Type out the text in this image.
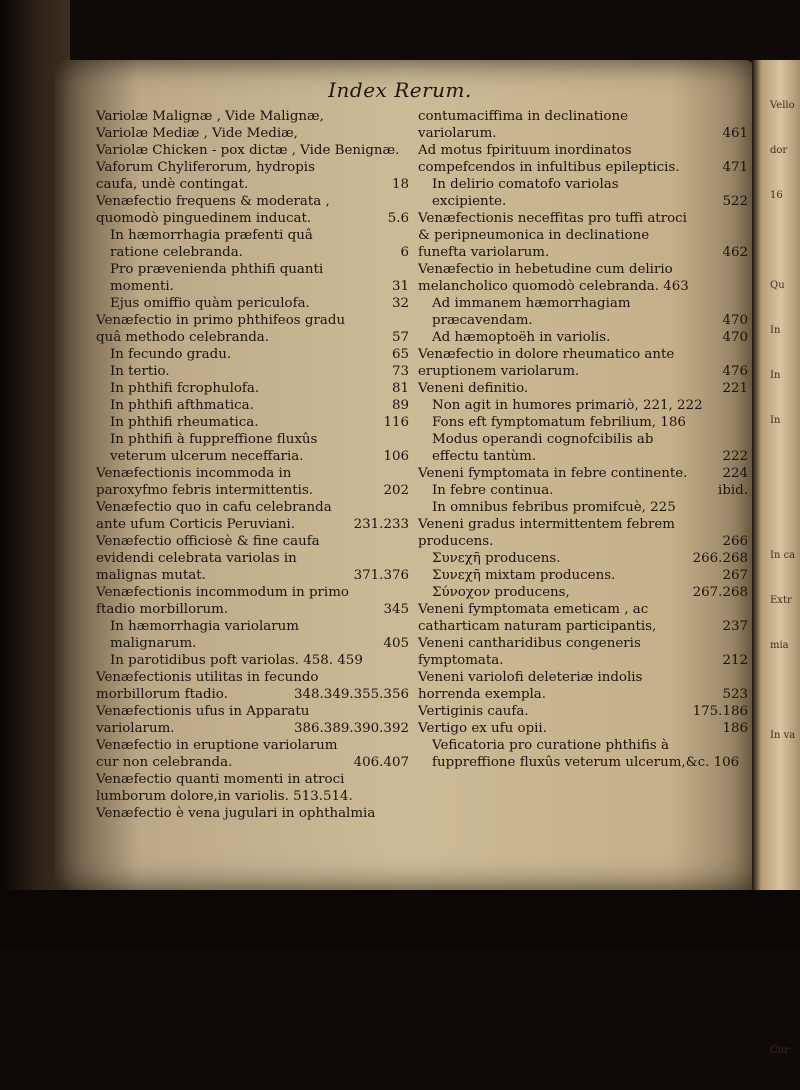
Vello
dor
16
Qu
In
In
In
In ca
Extr
mia
In va
Cur
Index Rerum.
Variolæ Malignæ , Vide Malignæ,
Variolæ Mediæ , Vide Mediæ,
Variolæ Chicken - pox dictæ , Vide Benignæ.
Vaforum Chyliferorum, hydropis caufa, undè contingat.	18
Venæfectio frequens & moderata , quomodò pinguedinem inducat.	5.6
In hæmorrhagia præfenti quâ ratione celebranda.	6
Pro prævenienda phthifi quanti momenti.	31
Ejus omiffio quàm periculofa.	32
Venæfectio in primo phthifeos gradu quâ methodo celebranda.	57
In fecundo gradu.	65
In tertio.	73
In phthifi fcrophulofa.	81
In phthifi afthmatica.	89
In phthifi rheumatica.	116
In phthifi à fuppreffione fluxûs veterum ulcerum neceffaria.	106
Venæfectionis incommoda in paroxyfmo febris intermittentis.	202
Venæfectio quo in cafu celebranda ante ufum Corticis Peruviani.	231.233
Venæfectio officiosè & fine caufa evidendi celebrata variolas in malignas mutat.	371.376
Venæfectionis incommodum in primo ftadio morbillorum.	345
In hæmorrhagia variolarum malignarum.	405
In parotidibus poft variolas. 458. 459
Venæfectionis utilitas in fecundo morbillorum ftadio.	348.349.355.356
Venæfectionis ufus in Apparatu variolarum.	386.389.390.392
Venæfectio in eruptione variolarum cur non celebranda.	406.407
Venæfectio quanti momenti in atroci lumborum dolore,in variolis. 513.514.
Venæfectio è vena jugulari in ophthalmia
contumaciffima in declinatione variolarum.	461
Ad motus fpirituum inordinatos compefcendos in infultibus epilepticis.	471
In delirio comatofo variolas excipiente.	522
Venæfectionis neceffitas pro tuffi atroci & peripneumonica in declinatione funefta variolarum.	462
Venæfectio in hebetudine cum delirio melancholico quomodò celebranda. 463
Ad immanem hæmorrhagiam præcavendam.	470
Ad hæmoptoëh in variolis.	470
Venæfectio in dolore rheumatico ante eruptionem variolarum.	476
Veneni definitio.	221
Non agit in humores primariò, 221, 222
Fons eft fymptomatum febrilium, 186
Modus operandi cognofcibilis ab effectu tantùm.	222
Veneni fymptomata in febre continente.	224
In febre continua.	ibid.
In omnibus febribus promifcuè, 225
Veneni gradus intermittentem febrem producens.	266
Συνεχῆ producens.	266.268
Συνεχῆ mixtam producens.	267
Σύνοχον producens,	267.268
Veneni fymptomata emeticam , ac catharticam naturam participantis,	237
Veneni cantharidibus congeneris fymptomata.	212
Veneni variolofi deleteriæ indolis horrenda exempla.	523
Vertiginis caufa.	175.186
Vertigo ex ufu opii.	186
Veficatoria pro curatione phthifis à fuppreffione fluxûs veterum ulcerum,&c. 106
